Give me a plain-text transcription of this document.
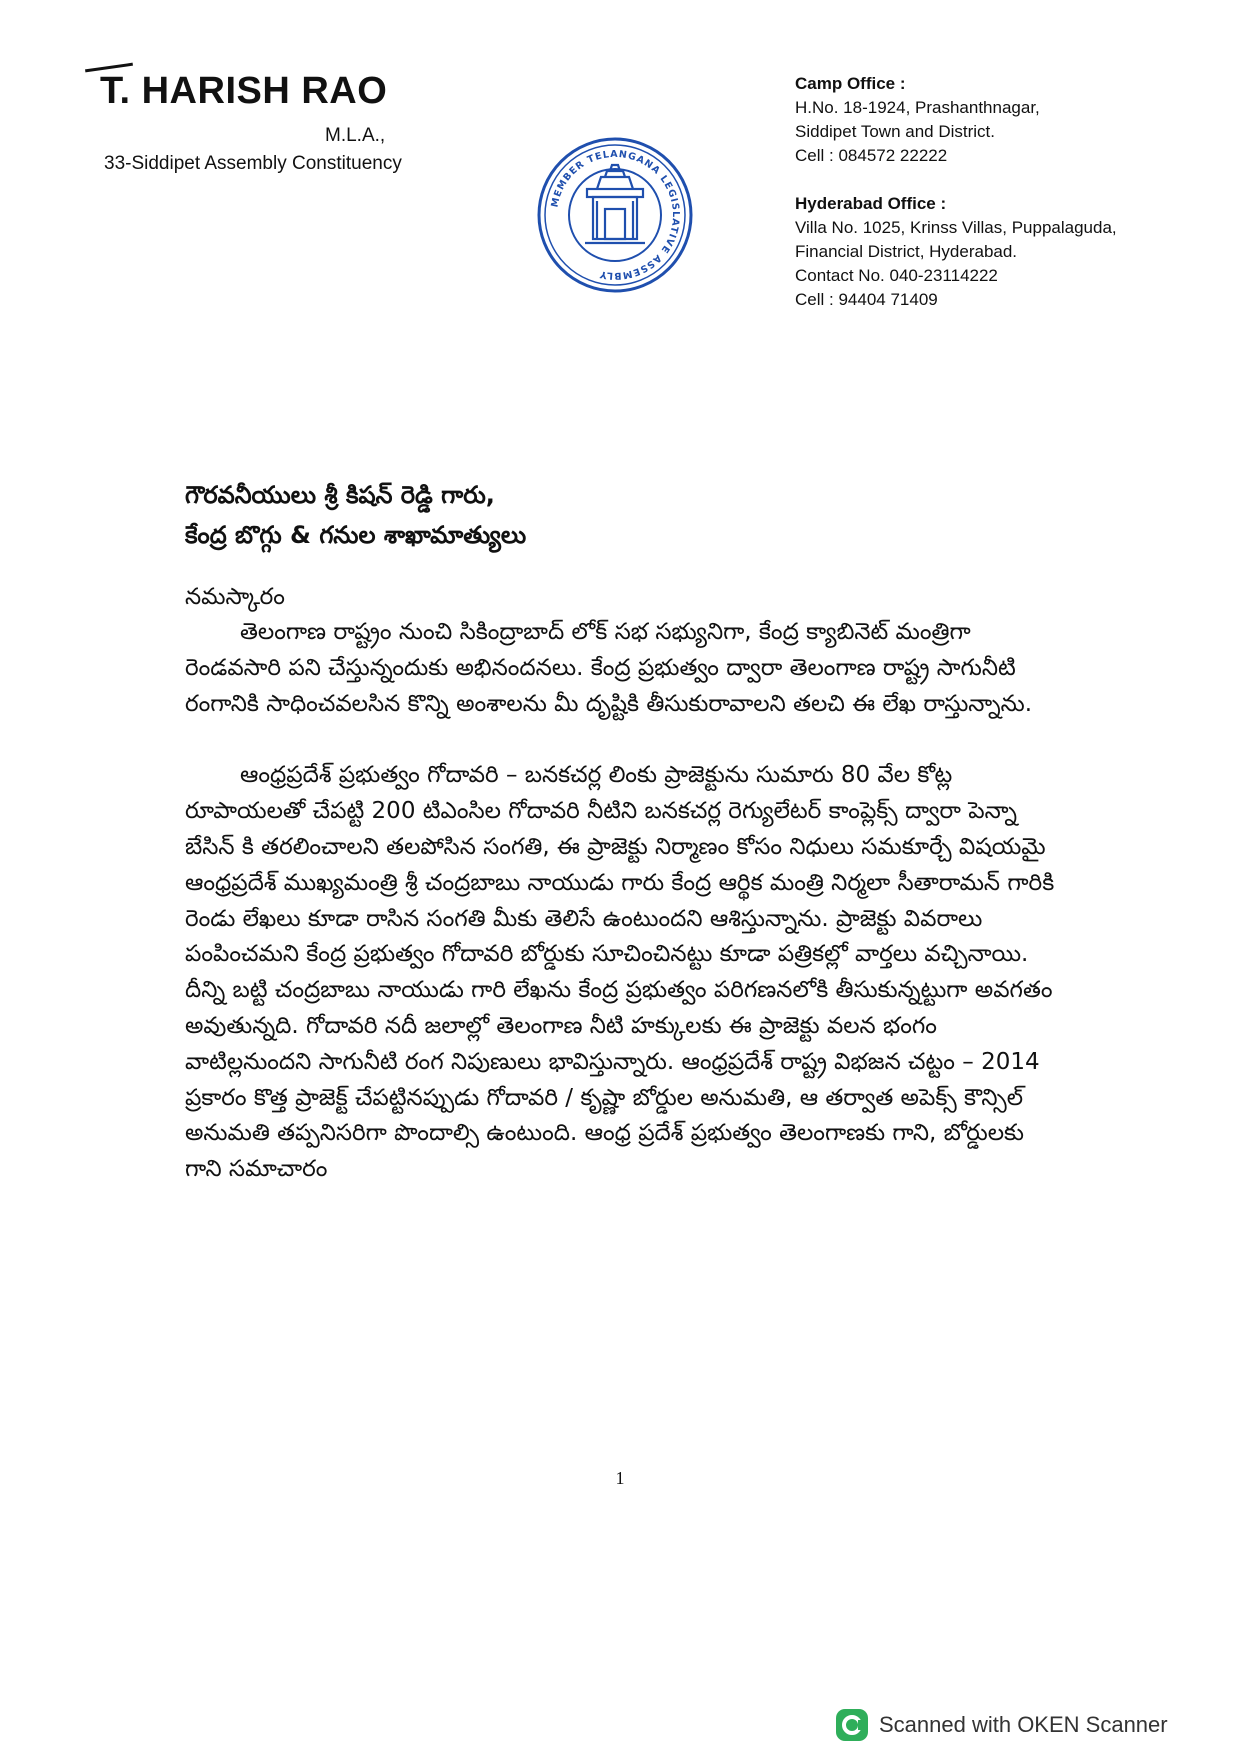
T. HARISH RAO
M.L.A.,
33-Siddipet Assembly Constituency
MEMBER TELANGANA LEGISLATIVE ASSEMBLY
Camp Office :
H.No. 18-1924, Prashanthnagar,
Siddipet Town and District.
Cell : 084572 22222
Hyderabad Office :
Villa No. 1025, Krinss Villas, Puppalaguda,
Financial District, Hyderabad.
Contact No. 040-23114222
Cell : 94404 71409

గౌరవనీయులు శ్రీ కిషన్ రెడ్డి గారు,

కేంద్ర బొగ్గు & గనుల శాఖామాత్యులు

నమస్కారం

తెలంగాణ రాష్ట్రం నుంచి సికింద్రాబాద్ లోక్ సభ సభ్యునిగా, కేంద్ర క్యాబినెట్ మంత్రిగా రెండవసారి పని చేస్తున్నందుకు అభినందనలు. కేంద్ర ప్రభుత్వం ద్వారా తెలంగాణ రాష్ట్ర సాగునీటి రంగానికి సాధించవలసిన కొన్ని అంశాలను మీ దృష్టికి తీసుకురావాలని తలచి ఈ లేఖ రాస్తున్నాను.

ఆంధ్రప్రదేశ్ ప్రభుత్వం గోదావరి – బనకచర్ల లింకు ప్రాజెక్టును సుమారు 80 వేల కోట్ల రూపాయలతో చేపట్టి 200 టిఎంసిల గోదావరి నీటిని బనకచర్ల రెగ్యులేటర్ కాంప్లెక్స్ ద్వారా పెన్నా బేసిన్ కి తరలించాలని తలపోసిన సంగతి, ఈ ప్రాజెక్టు నిర్మాణం కోసం నిధులు సమకూర్చే విషయమై ఆంధ్రప్రదేశ్ ముఖ్యమంత్రి శ్రీ చంద్రబాబు నాయుడు గారు కేంద్ర ఆర్థిక మంత్రి నిర్మలా సీతారామన్ గారికి రెండు లేఖలు కూడా రాసిన సంగతి మీకు తెలిసే ఉంటుందని ఆశిస్తున్నాను. ప్రాజెక్టు వివరాలు పంపించమని కేంద్ర ప్రభుత్వం గోదావరి బోర్డుకు సూచించినట్టు కూడా పత్రికల్లో వార్తలు వచ్చినాయి. దీన్ని బట్టి చంద్రబాబు నాయుడు గారి లేఖను కేంద్ర ప్రభుత్వం పరిగణనలోకి తీసుకున్నట్టుగా అవగతం అవుతున్నది. గోదావరి నదీ జలాల్లో తెలంగాణ నీటి హక్కులకు ఈ ప్రాజెక్టు వలన భంగం వాటిల్లనుందని సాగునీటి రంగ నిపుణులు భావిస్తున్నారు. ఆంధ్రప్రదేశ్ రాష్ట్ర విభజన చట్టం – 2014 ప్రకారం కొత్త ప్రాజెక్ట్ చేపట్టినప్పుడు గోదావరి / కృష్ణా బోర్డుల అనుమతి, ఆ తర్వాత అపెక్స్ కౌన్సిల్ అనుమతి తప్పనిసరిగా పొందాల్సి ఉంటుంది. ఆంధ్ర ప్రదేశ్ ప్రభుత్వం తెలంగాణకు గాని, బోర్డులకు గాని సమాచారం

1
Scanned with OKEN Scanner
